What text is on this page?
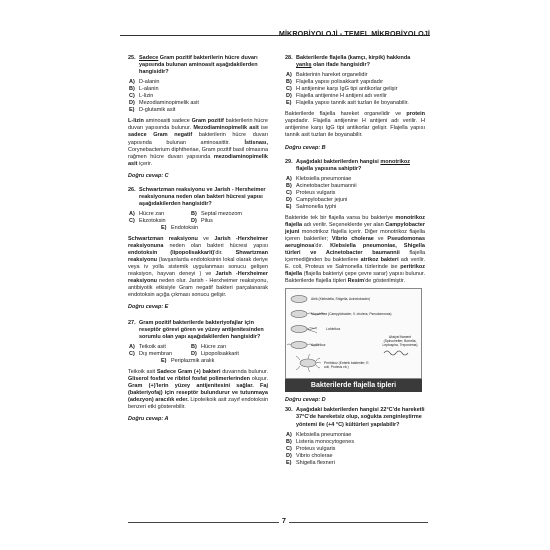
MİKROBİYOLOJİ - TEMEL MİKROBİYOLOJİ
25. Sadece Gram pozitif bakterilerin hücre duvarı yapısında bulunan aminoasit aşağıdakilerden hangisidir?
A) D-alanin
B) L-alanin
C) L-lizin
D) Mezodiaminopimelik asit
E) D-glutamik asit
L-lizin aminoasiti sadece Gram pozitif bakterilerin hücre duvarı yapısında bulunur. Mezodiaminopimelik asit ise sadece Gram negatif bakterilerin hücre duvarı yapısında bulunan aminoasittir. İstisnası, Corynebacterium diphtheriae, Gram pozitif basil olmasına rağmen hücre duvarı yapısında mezodiaminopimelik asit içerir.
Doğru cevap: C
26. Schwartzman reaksiyonu ve Jarish - Herxheimer reaksiyonuna neden olan bakteri hücresi yapısı aşağıdakilerden hangisidir?
A) Hücre zarı	B) Septal mezozom
C) Ekzotoksin	D) Pilus
E) Endotoksin
Schwartzman reaksiyonu ve Jarish -Herxheimer reaksiyonuna neden olan bakteri hücresi yapısı endotoksin (lipopolisakkarit)'dir. Shwartzman reaksiyonu (lavşanlarda endotoksinin lokal olarak deriye veya iv yolla sistemik uygulanması sonucu gelişen reaksiyon, hayvan deneyi ) ve Jarish -Herxheimer reaksiyonu neden olur. Jarish - Herxheimer reaksiyonu, antibiyotik etkisiyle Gram negatif bakteri parçalanarak endotoksin açığa çıkması sonucu gelişir.
Doğru cevap: E
27. Gram pozitif bakterilerde bakteriyofajlar için reseptör görevi gören ve yüzey antijenitesinden sorumlu olan yapı aşağıdakilerden hangisidir?
A) Teikoik asit	B) Hücre zarı
C) Dış membran	D) Lipopolisakkarit
E) Periplazmik aralık
Teikoik asit Sadece Gram (+) bakteri duvarında bulunur. Gliserol fosfat ve ribitol fosfat polimerlerinden oluşur. Gram (+)'lerin yüzey antijenitesini sağlar. Faj (bakteriyofaj) için reseptör bulundurur ve tutunmaya (adezyon) aracılık eder. Lipoteikoik asit zayıf endotoksin benzeri etki gösterebilir.
Doğru cevap: A
28. Bakterilerde flajella (kamçı, kirpik) hakkında yanlış olan ifade hangisidir?
A) Bakterinin hareket organelidir
B) Flajella yapısı polisakkarit yapıdadır
C) H antijenine karşı IgG tipi antikorlar gelişir
D) Flajella antijenine H antijeni adı verilir
E) Flajella yapısı tannik asit tuzları ile boyanabilir.
Bakterilerde flajella hareket organelidir ve protein yapıdadır. Flajella antijenine H antijeni adı verilir. H antijenine karşı IgG tipi antikorlar gelişir. Flajella yapısı tannik asit tuzları ile boyanabilir.
Doğru cevap: B
29. Aşağıdaki bakterilerden hangisi monotrikoz flajella yapısına sahiptir?
A) Klebsiella pneumoniae
B) Acinetobacter baumannii
C) Proteus vulgaris
D) Campylobacter jejuni
E) Salmonella typhi
Bakteride tek bir flajella varsa bu bakteriye monotrikoz flajella adı verilir. Seçeneklerde yer alan Campylobacter jejuni monotrikoz flajella içerir. Diğer monotrikoz flajella içeren bakteriler; Vibrio cholerae ve Pseudomonas aeruginosa'dır. Klebsiella pneumoniae, Shigella türleri ve Acinetobacter baumannii flajella içermediğinden bu bakterilere atrikoz bakteri adı verilir. E. coli, Proteus ve Salmonella türlerinde ise peritrikoz flajella (flajella bakteriyi çepe çevre sarar) yapısı bulunur. Bakterilerde flajella tipleri Resim'de gösterilmiştir.
Atrik (Klebsiella, Shigella, Acinetobacter)
Monotrikoz (Campylobacter, V. cholera, Pseudomonas)
Lofotrikoz
Amfitrikoz
Aksiyel flament (Spirochetler; Borrelia, Leptospira, Treponema)
Peritrikoz (Enterik bakteriler; E. coli, Proteus vb.)
Bakterilerde flajella tipleri
Doğru cevap: D
30. Aşağıdaki bakterilerden hangisi 22°C'de hareketli 37°C'de hareketsiz olup, soğukta zenginleştirme yöntemi ile (+4 °C) kültürleri yapılabilir?
A) Klebsiella pneumoniae
B) Listeria monocytogenes
C) Proteus vulgaris
D) Vibrio cholerae
E) Shigella flexneri
7
